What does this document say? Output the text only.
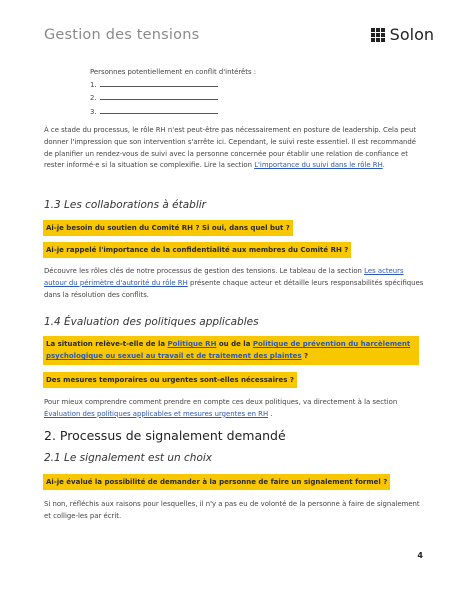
Gestion des tensions	Solon
Personnes potentiellement en conflit d'intérêts :
1.
2.
3.
À ce stade du processus, le rôle RH n'est peut-être pas nécessairement en posture de leadership. Cela peut donner l'impression que son intervention s'arrête ici. Cependant, le suivi reste essentiel. Il est recommandé de planifier un rendez-vous de suivi avec la personne concernée pour établir une relation de confiance et rester informé·e si la situation se complexifie. Lire la section L'importance du suivi dans le rôle RH.
1.3 Les collaborations à établir
Ai-je besoin du soutien du Comité RH ? Si oui, dans quel but ?
Ai-je rappelé l'importance de la confidentialité aux membres du Comité RH ?
Découvre les rôles clés de notre processus de gestion des tensions. Le tableau de la section Les acteurs autour du périmètre d'autorité du rôle RH présente chaque acteur et détaille leurs responsabilités spécifiques dans la résolution des conflits.
1.4 Évaluation des politiques applicables
La situation relève-t-elle de la Politique RH ou de la Politique de prévention du harcèlement psychologique ou sexuel au travail et de traitement des plaintes ?
Des mesures temporaires ou urgentes sont-elles nécessaires ?
Pour mieux comprendre comment prendre en compte ces deux politiques, va directement à la section Évaluation des politiques applicables et mesures urgentes en RH .
2. Processus de signalement demandé
2.1 Le signalement est un choix
Ai-je évalué la possibilité de demander à la personne de faire un signalement formel ?
Si non, réfléchis aux raisons pour lesquelles, il n'y a pas eu de volonté de la personne à faire de signalement et collige-les par écrit.
4
